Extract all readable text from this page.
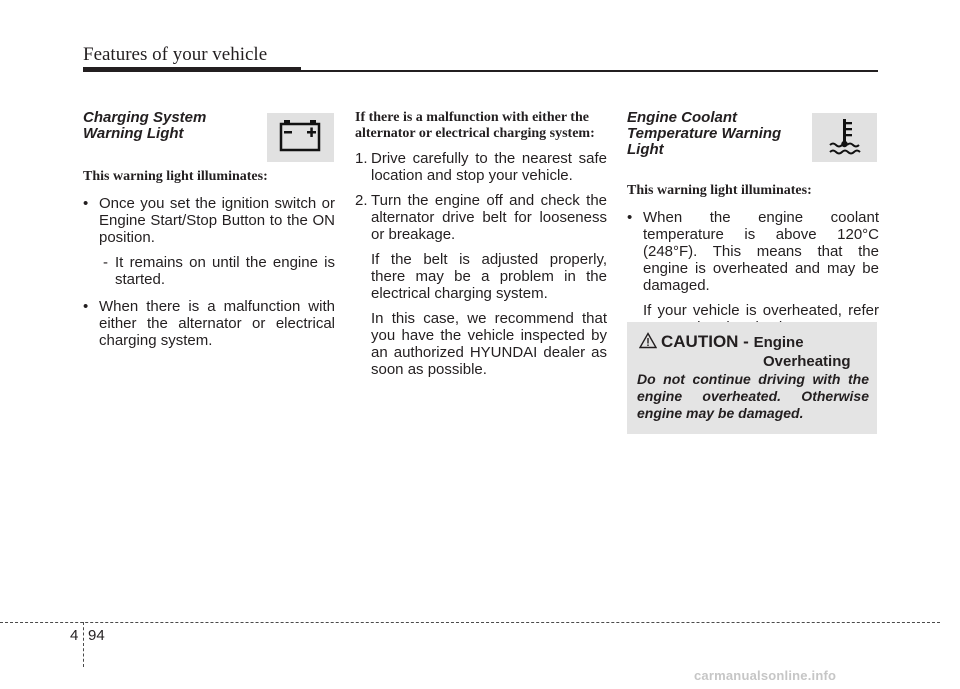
Features of your vehicle
Charging System
Warning Light
This warning light illuminates:
• Once you set the ignition switch or Engine Start/Stop Button to the ON position.
- It remains on until the engine is started.
• When there is a malfunction with either the alternator or electrical charging system.
If there is a malfunction with either the
alternator or electrical charging system:
1. Drive carefully to the nearest safe location and stop your vehicle.
2. Turn the engine off and check the alternator drive belt for looseness or breakage.
If the belt is adjusted properly, there may be a problem in the electrical charging system.
In this case, we recommend that you have the vehicle inspected by an authorized HYUNDAI dealer as soon as possible.
Engine Coolant
Temperature Warning
Light
This warning light illuminates:
• When the engine coolant temperature is above 120°C (248°F). This means that the engine is overheated and may be damaged.
If your vehicle is overheated, refer
CAUTION - Engine
Overheating
Do not continue driving with the engine overheated. Otherwise engine may be damaged.
4 94
carmanualsonline.info
